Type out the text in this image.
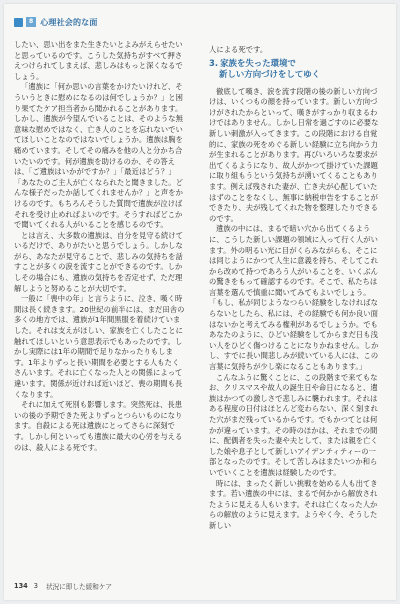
8 心理社会的な面

したい、思い出をまた生きたいとよみがえらせたいと思っているのです。こうした気持ちがすべて押さえつけられてしまえば、悲しみはもっと深くなるでしょう。

「遺族に「何か思いの言葉をかけたいけれど、そういうときに慰めになるのは何でしょうか？」と困り果てたケア担当者から聞かれることがあります。しかし、遺族が今望んでいることは、そのような無意味な慰めではなく、亡き人のことを忘れないでいてほしいことなのではないでしょうか。遺族は胸を痛めています。そしてその痛みを他の人と分かち合いたいのです。何が遺族を助けるのか、その答えは、「ご遺族はいかがですか？」「最近はどう？」「あなたのご主人が亡くなられたと聞きました。どんな様子だったか話してくれませんか？」と声をかけるのです。もちろんそうした質問で遺族が泣けばそれを受け止めればよいのです。そうすればどこかで聞いてくれる人がいることを感じるのです。

とは言え、大多数の遺族は、自分を見守る続けているだけで、ありがたいと思うでしょう。しかしながら、あなたが見守ることで、悲しみの気持ちを話すことが多くの涙を流すことができるのです。しかしその場合にも、遺族の気持ちを否定せず、ただ理解しようと努めることが大切です。

一般に「喪中の年」と言うように、泣き、嘆く時間は長く続きます。20世紀の前半には、まだ田舎の多くの地方では、遺族が1年間黒服を着続けていました。それは支えがほしい、家族を亡くしたことに触れてほしいという意思表示でもあったのです。しかし実際には1年の期間で足りなかったりもします。1年よりずっと長い期間を必要とする人もたくさんいます。それに亡くなった人との関係によって違います。関係が近ければ近いほど、喪の期間も長くなります。

それに加えて死別も影響します。突然死は、長患いの後の予期できた死よりずっとつらいものになります。自殺による死は遺族にとってさらに深刻です。しかし何といっても遺族に最大の心労を与えるのは、殺人による死です。

人による死です。

3. 家族を失った環境で
新しい方向づけをしてゆく

徹底して嘆き、涙を流す段階の後の新しい方向づけは、いくつもの顔を持っています。新しい方向づけがされたからといって、嘆きがすっかり収まるわけではありません。しかし日常を過ごすのに必要な新しい刺激が入ってきます。この段階における自覚的に、家族の死をめぐる新しい経験に立ち向かう力が生まれることがあります。再びいろいろな要求が出てくるようになり、故人がかつて掛けていた課題に取り組もうという気持ちが湧いてくることもあります。例えば残された妻が、亡き夫が心配していたはずのことをなくし、無事に納税申告をすることができたり、夫が残してくれた物を整理したりできるのです。

遺族の中には、まるで暗い穴から出てくるように、こうした新しい課題の領域に入って行く人がいます。外の明るい光に目がくらみながらも、そこには同じようにかつて人生に意義を持ち、そしてこれから改めて持つであろう人がいることを、いくぶんの驚きをもって確認するのです。そこで、私たちは言葉を選んで慎重に聞いてみてもよいでしょう。「もし、私が同じようなつらい経験をしなければならないとしたら、私には、その経験でも何か良い面はないかと考えてみる権利があるでしょうか。でもあなたのように、ひどい経験をしてからまだ日も浅い人をひどく傷つけることになりかねません。しかし、すでに長い間悲しみが続いている人には、この言葉に気持ちが少し楽になることもあります。」

こんなふうに驚くことに、この段階まで来てもなお、クリスマスや故人の誕生日や命日になると、遺族はかつての激しさで悲しみに襲われます。それはある程度の日付はほとんど変わらない、深く刻まれた穴がまだ残っているからです。でもかつてとは何かが違っています。その時のほかは、それまでの間に、配偶者を失った妻や夫として、または親を亡くした娘や息子として新しいアイデンティティーの一部となったのです。そして苦しみはまたいつか和らいでいくことを遺族は経験したのです。

時には、まったく新しい挑戦を始める人も出てきます。若い遺族の中には、まるで何かから解放されたように見える人もいます。それは亡くなった人からの解放のように見えます。ようやく今、そうした新しい

134 3
状況に即した緩和ケア
